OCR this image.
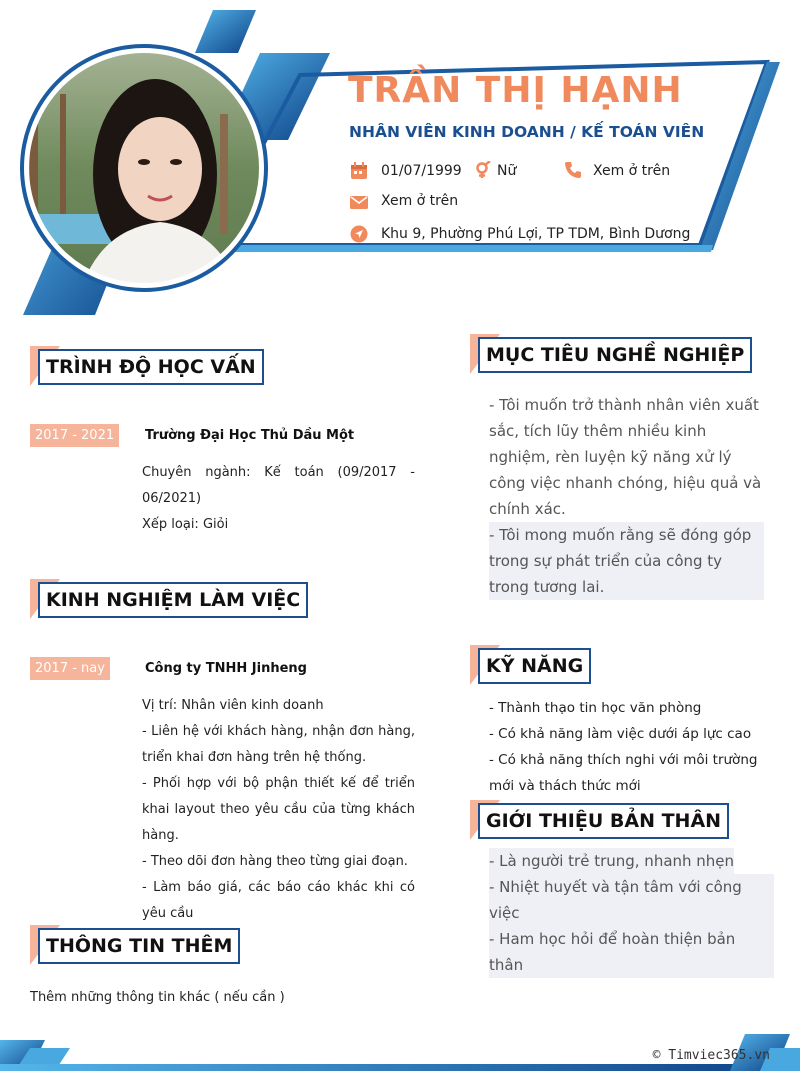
TRẦN THỊ HẠNH
NHÂN VIÊN KINH DOANH / KẾ TOÁN VIÊN
01/07/1999	Nữ	Xem ở trên
Xem ở trên
Khu 9, Phường Phú Lợi, TP TDM, Bình Dương
TRÌNH ĐỘ HỌC VẤN
2017 - 2021	Trường Đại Học Thủ Dầu Một
Chuyên ngành: Kế toán (09/2017 - 06/2021)
Xếp loại: Giỏi
KINH NGHIỆM LÀM VIỆC
2017 - nay	Công ty TNHH Jinheng
Vị trí: Nhân viên kinh doanh
- Liên hệ với khách hàng, nhận đơn hàng, triển khai đơn hàng trên hệ thống.
- Phối hợp với bộ phận thiết kế để triển khai layout theo yêu cầu của từng khách hàng.
- Theo dõi đơn hàng theo từng giai đoạn.
- Làm báo giá, các báo cáo khác khi có yêu cầu
THÔNG TIN THÊM
Thêm những thông tin khác ( nếu cần )
MỤC TIÊU NGHỀ NGHIỆP
- Tôi muốn trở thành nhân viên xuất sắc, tích lũy thêm nhiều kinh nghiệm, rèn luyện kỹ năng xử lý công việc nhanh chóng, hiệu quả và chính xác.
- Tôi mong muốn rằng sẽ đóng góp trong sự phát triển của công ty trong tương lai.
KỸ NĂNG
- Thành thạo tin học văn phòng
- Có khả năng làm việc dưới áp lực cao
- Có khả năng thích nghi với môi trường mới và thách thức mới
GIỚI THIỆU BẢN THÂN
- Là người trẻ trung, nhanh nhẹn
- Nhiệt huyết và tận tâm với công việc
- Ham học hỏi để hoàn thiện bản thân
© Timviec365.vn
